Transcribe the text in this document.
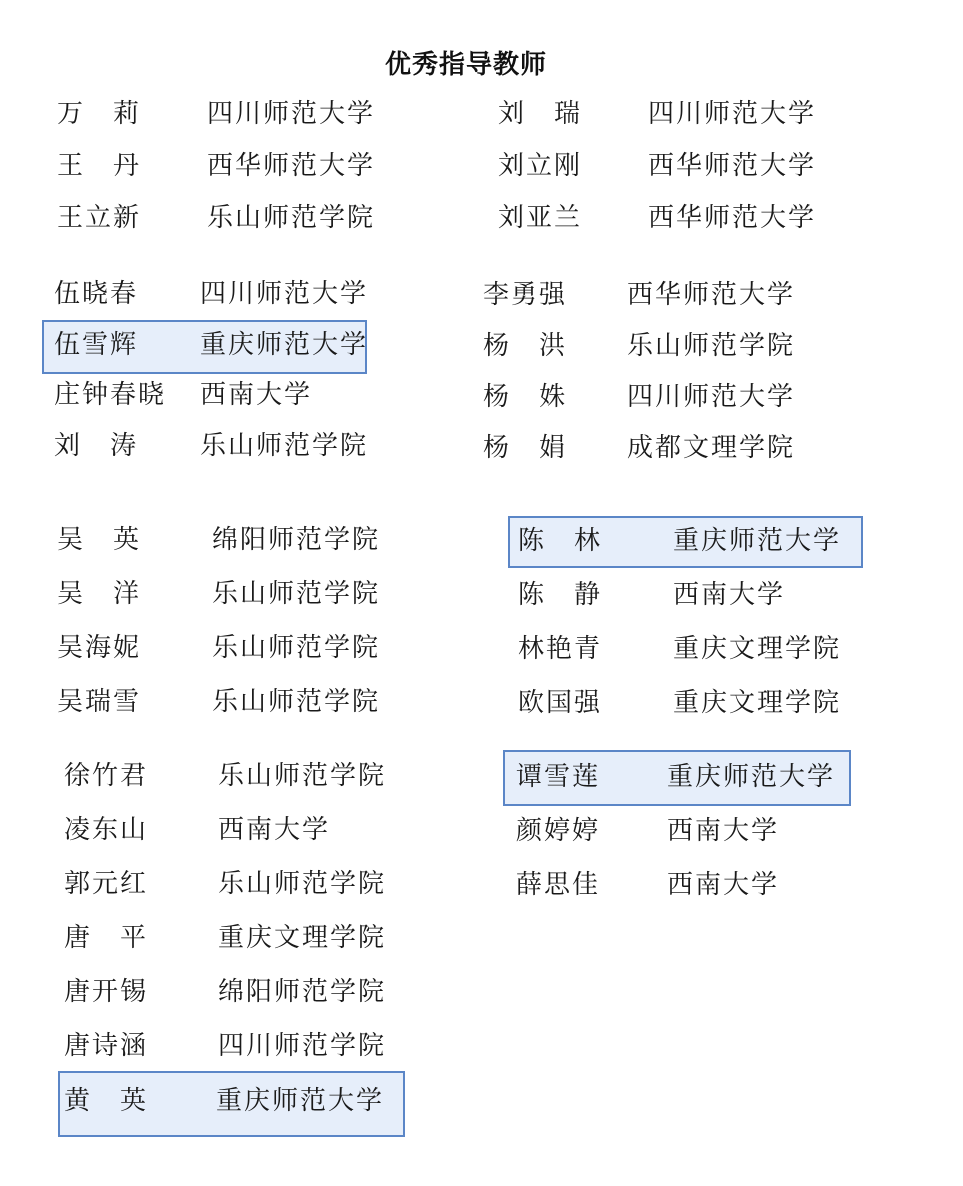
优秀指导教师
万　莉	四川师范大学
王　丹	西华师范大学
王立新	乐山师范学院
刘　瑞	四川师范大学
刘立刚	西华师范大学
刘亚兰	西华师范大学
伍晓春 四川师范大学
伍雪辉 重庆师范大学
庄钟春晓 西南大学
刘　涛 乐山师范学院
李勇强 西华师范大学
杨　洪 乐山师范学院
杨　姝 四川师范大学
杨　娟 成都文理学院
吴　英	绵阳师范学院
吴　洋	乐山师范学院
吴海妮	乐山师范学院
吴瑞雪	乐山师范学院
陈　林	重庆师范大学
陈　静	西南大学
林艳青	重庆文理学院
欧国强	重庆文理学院
徐竹君	乐山师范学院
凌东山	西南大学
郭元红	乐山师范学院
唐　平	重庆文理学院
唐开锡	绵阳师范学院
唐诗涵	四川师范学院
黄　英	重庆师范大学
谭雪莲	重庆师范大学
颜婷婷	西南大学
薛思佳	西南大学
